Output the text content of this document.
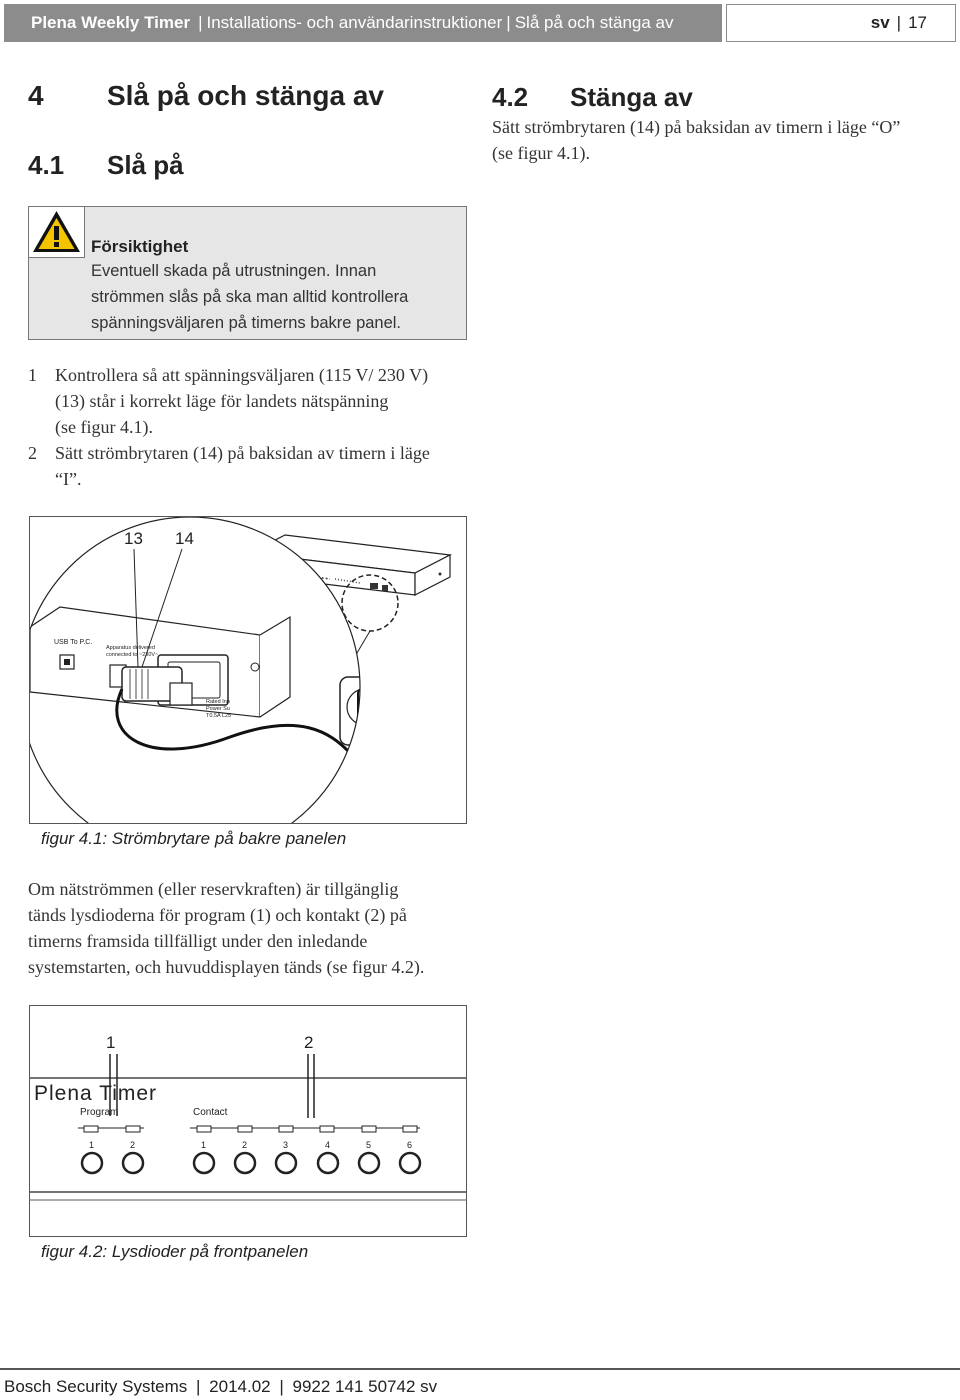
Plena Weekly Timer | Installations- och användarinstruktioner | Slå på och stänga av	sv | 17
4 Slå på och stänga av
4.1 Slå på
4.2 Stänga av
Sätt strömbrytaren (14) på baksidan av timern i läge “O”
(se figur 4.1).
Försiktighet
Eventuell skada på utrustningen. Innan
strömmen slås på ska man alltid kontrollera
spänningsväljaren på timerns bakre panel.
1 Kontrollera så att spänningsväljaren (115 V/ 230 V)
(13) står i korrekt läge för landets nätspänning
(se figur 4.1).
2 Sätt strömbrytaren (14) på baksidan av timern i läge
“I”.
13 14
USB To P.C.
Apparatus delivered
connected to ~230V~
Rated Inp
Power Su
T0.5A L25
figur 4.1: Strömbrytare på bakre panelen
Om nätströmmen (eller reservkraften) är tillgänglig
tänds lysdioderna för program (1) och kontakt (2) på
timerns framsida tillfälligt under den inledande
systemstarten, och huvuddisplayen tänds (se figur 4.2).
1	2
Plena Timer
Program	Contact
1	2	1	2	3	4	5	6
figur 4.2: Lysdioder på frontpanelen
Bosch Security Systems | 2014.02 | 9922 141 50742 sv
